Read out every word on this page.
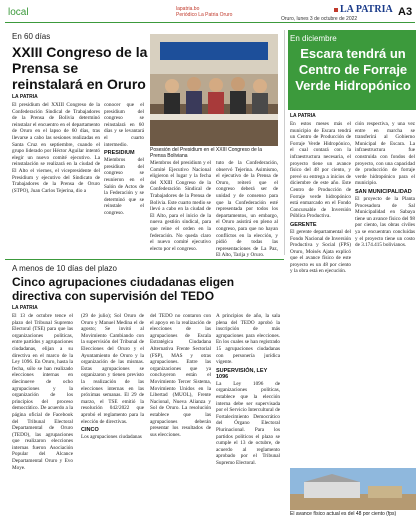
local	lapatria.bo
Periódico La Patria Oruro	LA PATRIA
Oruro, lunes 3 de octubre de 2022
A3
En 60 días
XXIII Congreso de la Prensa se reinstalará en Oruro
LA PATRIA

El presidium del XXIII Congreso de la Confederación Sindical de Trabajadores de la Prensa de Bolivia determinó reinstalar el encuentro en el departamento de Oruro en el lapso de 60 días, tras llevarse a cabo las sesiones realizadas en Santa Cruz en septiembre, cuando el grupo liderado por Héctor Aguilar intentó elegir un nuevo comité ejecutivo. La reinstalación se realizará en la ciudad de El Alto el viernes, el vicepresidente del Presidium y ejecutivo del Sindicato de Trabajadores de la Prensa de Oruro (STPO), Juan Carlos Tejerina, dio a

conocer que el presidium del congreso se reinstalará en 60 días y se levantará el cuarto intermedio.

PRESIDIUM

Miembros del presidium del congreso se reunieron en el Salón de Actos de la Federación y se determinó que se reinstale el congreso.

Posesión del Presidium en el XXIII Congreso de la Prensa Boliviana

Miembros del presidium y el Comité Ejecutivo Nacional eligieron el lugar y la fecha del XXIII Congreso de la Confederación Sindical de Trabajadores de la Prensa de Bolivia. Este cuarto medio se llevó a cabo en la ciudad de El Alto, para el inicio de la nueva gestión sindical, para que reine el orden en la federación. No queda claro el nuevo comité ejecutivo electo por el congreso.

tuto de la Confederación, observó Tejerina. Asimismo, el ejecutivo de la Prensa de Oruro, reiteró que el congreso deberá ser de unidad y de consenso para que la Confederación esté representada por todos los departamentos, un embargo, el Oruro asistirá en pleno al congreso, para que no hayan conflictos en la elección, y pidió de todas las representaciones de La Paz, El Alto, Tarija y Oruro.

En diciembre
Escara tendrá un Centro de Forraje Verde Hidropónico
LA PATRIA

En estos meses más el municipio de Escara tendrá un Centro de Producción de Forraje Verde Hidropónico, el cual contará con la infraestructura necesaria, el proyecto tiene un avance físico del 48 por ciento, y prevé su entrega a inicios de diciembre de este año. Este Centro de Producción de Forraje verde hidropónico está enmarcado en el Fondo Concursable de Inversión Pública Productiva.

GERENTE

El gerente departamental del Fondo Nacional de Inversión Productiva y Social (FPS) Oruro, Moisés Ajata explicó que el avance físico de este proyecto es un 48 por ciento y la obra está en ejecución.

ción respectiva, y una vez entre en marcha se transferirá al Gobierno Municipal de Escara. La infraestructura fue construida con fondos del proyecto, con una capacidad de producción de forraje verde hidropónico para el municipio.

SAN MUNICIPALIDAD

El proyecto de la Planta Procesadora de Sal Municipalidad en Sabaya tiene un avance físico del 98 por ciento, las obras civiles ya se encuentran concluidas y el proyecto tiene un costo de 3.174.415 bolivianos.

El avance físico actual es del 48 por ciento (fps)
A menos de 10 días del plazo
Cinco agrupaciones ciudadanas eligen directiva con supervisión del TEDO
LA PATRIA

El 13 de octubre tence el plazo del Tribunal Supremo Electoral (TSE) para que las organizaciones políticas, entre partidos y agrupaciones ciudadanas, elijan a su directiva en el marco de la Ley 1096. En Oruro, hasta la fecha, sólo se han realizado elecciones internas en diecinueve de ocho agrupaciones y la organización de los principios del proceso democrático. De acuerdo a la página oficial de Facebook del Tribunal Electoral Departamental de Oruro (TEDO), las agrupaciones que realizaron elecciones internas fueron Asociación Popular del Alcance Departamental Oruro y Evo Moye.

(29 de julio); Sol Oruro de Oruro y Manuel Medina el de agosto; Se invitó al Movimiento Cambiando con la supervisión del Tribunal de Elecciones del Oruro y el Ayuntamiento de Oruro y la organización de las mismas. Estas agrupaciones se organizaron y tienen previsto la realización de las elecciones internas en las próximas semanas. El 29 de marzo, el TSE emitió la resolución 042/2022 que aprobó el reglamento para la elección de directivas.

CINCO

Los agrupaciones ciudadanas

del TEDO no contaron con el apoyo en la realización de elecciones de las agrupaciones de Escala Estratégica Ciudadana Alternativa Frente Sectorial (FSP), MAS y otras agrupaciones. Entre las organizaciones que ya concluyeron están el Movimiento Tercer Sistema, Movimiento Unidos en la Libertad (MUOL), Frente Nacional, Nueva Alianza y Sol de Oruro. La resolución establece que las agrupaciones deberán presentar los resultados de sus elecciones.

A principios de año, la sala plena del TEDO aprobó la inscripción de más agrupaciones para elecciones. En los cuales se han registrado 15 agrupaciones ciudadanas con personería jurídica vigente.

SUPERVISIÓN, LEY 1096

La Ley 1096 de organizaciones políticas, establece que la elección interna debe ser supervisada por el Servicio Intercultural de Fortalecimiento Democrático del Órgano Electoral Plurinacional. Para los partidos políticos el plazo se cumple el 13 de octubre, de acuerdo al reglamento aprobado por el Tribunal Supremo Electoral.
